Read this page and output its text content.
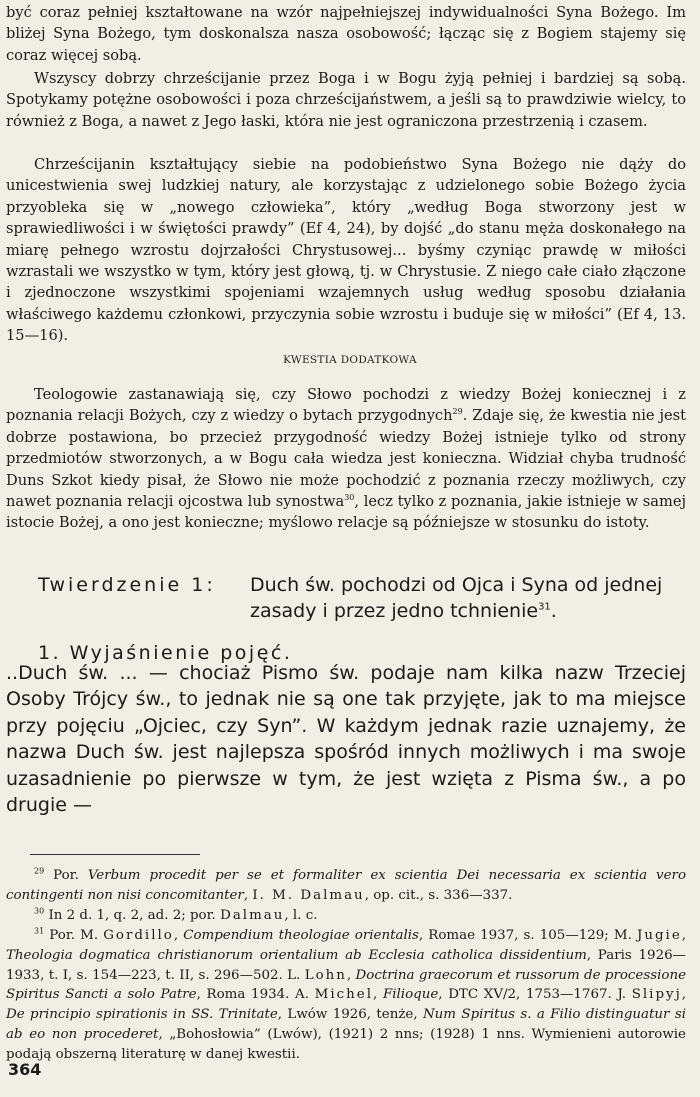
być coraz pełniej kształtowane na wzór najpełniejszej indywidualności Syna Bożego. Im bliżej Syna Bożego, tym doskonalsza nasza osobowość; łącząc się z Bogiem stajemy się coraz więcej sobą.

Wszyscy dobrzy chrześcijanie przez Boga i w Bogu żyją pełniej i bardziej są sobą. Spotykamy potężne osobowości i poza chrześcijaństwem, a jeśli są to prawdziwie wielcy, to również z Boga, a nawet z Jego łaski, która nie jest ograniczona przestrzenią i czasem.

Chrześcijanin kształtujący siebie na podobieństwo Syna Bożego nie dąży do unicestwienia swej ludzkiej natury, ale korzystając z udzielonego sobie Bożego życia przyobleka się w „nowego człowieka”, który „według Boga stworzony jest w sprawiedliwości i w świętości prawdy” (Ef 4, 24), by dojść „do stanu męża doskonałego na miarę pełnego wzrostu dojrzałości Chrystusowej... byśmy czyniąc prawdę w miłości wzrastali we wszystko w tym, który jest głową, tj. w Chrystusie. Z niego całe ciało złączone i zjednoczone wszystkimi spojeniami wzajemnych usług według sposobu działania właściwego każdemu członkowi, przyczynia sobie wzrostu i buduje się w miłości” (Ef 4, 13. 15—16).

KWESTIA DODATKOWA

Teologowie zastanawiają się, czy Słowo pochodzi z wiedzy Bożej koniecznej i z poznania relacji Bożych, czy z wiedzy o bytach przygodnych$^{29}$. Zdaje się, że kwestia nie jest dobrze postawiona, bo przecież przygodność wiedzy Bożej istnieje tylko od strony przedmiotów stworzonych, a w Bogu cała wiedza jest konieczna. Widział chyba trudność Duns Szkot kiedy pisał, że Słowo nie może pochodzić z poznania rzeczy możliwych, czy nawet poznania relacji ojcostwa lub synostwa$^{30}$, lecz tylko z poznania, jakie istnieje w samej istocie Bożej, a ono jest konieczne; myślowo relacje są późniejsze w stosunku do istoty.

Twierdzenie 1: Duch św. pochodzi od Ojca i Syna od jednej zasady i przez jedno tchnienie$^{31}$.
1. Wyjaśnienie pojęć.

..Duch św. ... — chociaż Pismo św. podaje nam kilka nazw Trzeciej Osoby Trójcy św., to jednak nie są one tak przyjęte, jak to ma miejsce przy pojęciu „Ojciec, czy Syn”. W każdym jednak razie uznajemy, że nazwa Duch św. jest najlepsza spośród innych możliwych i ma swoje uzasadnienie po pierwsze w tym, że jest wzięta z Pisma św., a po drugie —

$^{29}$ Por. Verbum procedit per se et formaliter ex scientia Dei necessaria ex scientia vero contingenti non nisi concomitanter, I. M. Dalmau, op. cit., s. 336—337.

$^{30}$ In 2 d. 1, q. 2, ad. 2; por. Dalmau, l. c.

$^{31}$ Por. M. Gordillo, Compendium theologiae orientalis, Romae 1937, s. 105—129; M. Jugie, Theologia dogmatica christianorum orientalium ab Ecclesia catholica dissidentium, Paris 1926—1933, t. I, s. 154—223, t. II, s. 296—502. L. Lohn, Doctrina graecorum et russorum de processione Spiritus Sancti a solo Patre, Roma 1934. A. Michel, Filioque, DTC XV/2, 1753—1767. J. Slipyj, De principio spirationis in SS. Trinitate, Lwów 1926, tenże, Num Spiritus s. a Filio distinguatur si ab eo non procederet, „Bohosłowia” (Lwów), (1921) 2 nns; (1928) 1 nns. Wymienieni autorowie podają obszerną literaturę w danej kwestii.

364
